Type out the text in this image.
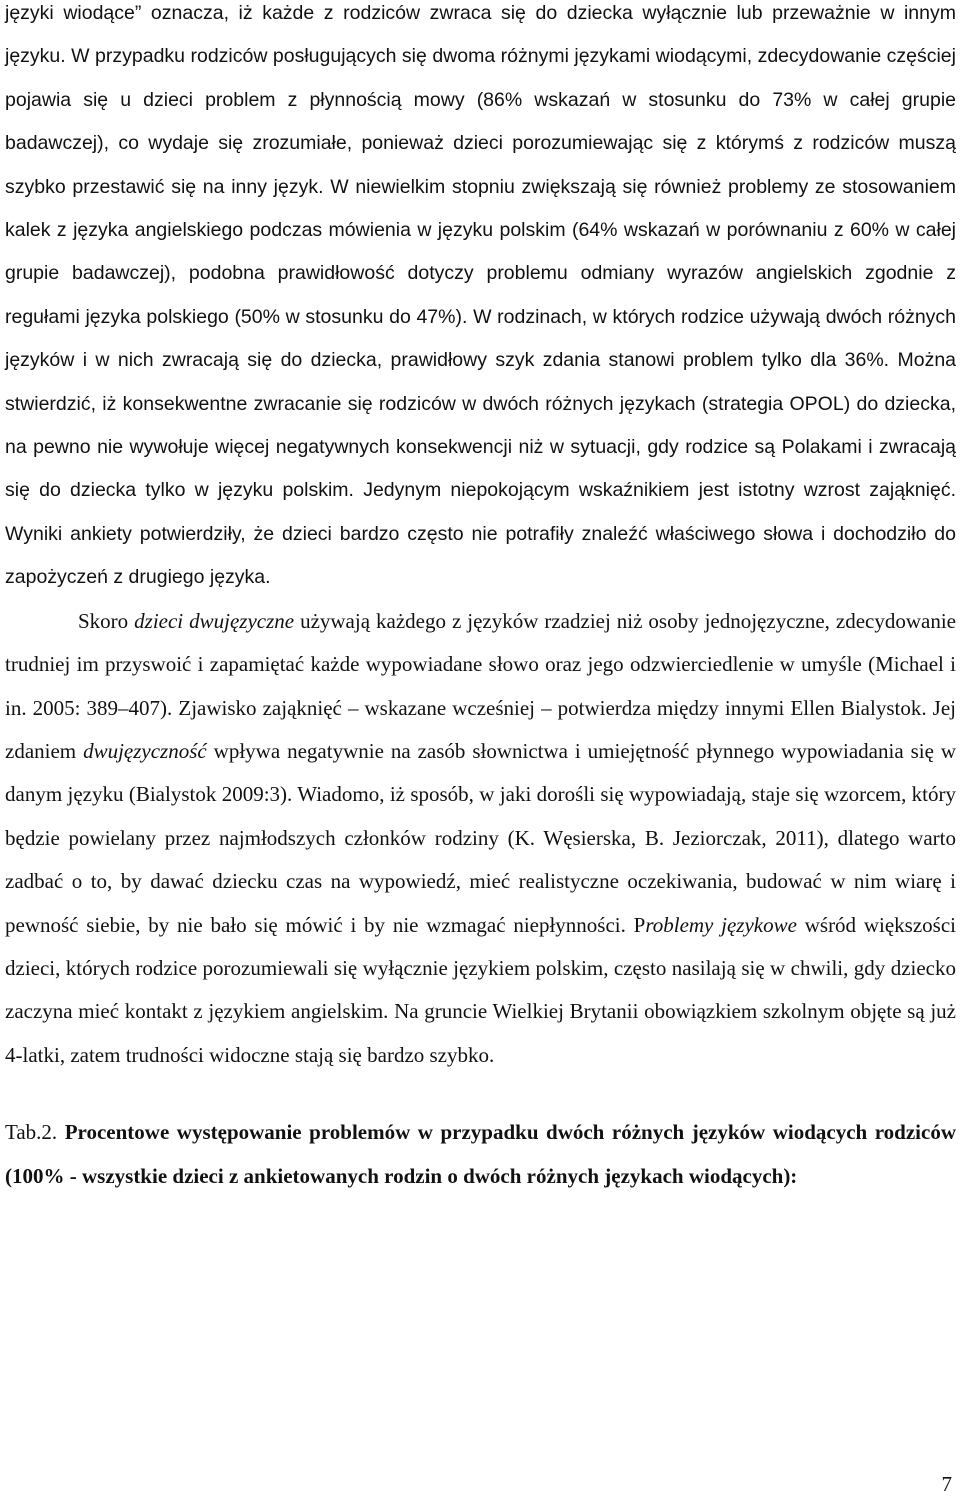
języki wiodące” oznacza, iż każde z rodziców zwraca się do dziecka wyłącznie lub przeważnie w innym języku. W przypadku rodziców posługujących się dwoma różnymi językami wiodącymi, zdecydowanie częściej pojawia się u dzieci problem z płynnością mowy (86% wskazań w stosunku do 73% w całej grupie badawczej), co wydaje się zrozumiałe, ponieważ dzieci porozumiewając się z którymś z rodziców muszą szybko przestawić się na inny język. W niewielkim stopniu zwiększają się również problemy ze stosowaniem kalek z języka angielskiego podczas mówienia w języku polskim (64% wskazań w porównaniu z 60% w całej grupie badawczej), podobna prawidłowość dotyczy problemu odmiany wyrazów angielskich zgodnie z regułami języka polskiego (50% w stosunku do 47%). W rodzinach, w których rodzice używają dwóch różnych języków i w nich zwracają się do dziecka, prawidłowy szyk zdania stanowi problem tylko dla 36%. Można stwierdzić, iż konsekwentne zwracanie się rodziców w dwóch różnych językach (strategia OPOL) do dziecka, na pewno nie wywołuje więcej negatywnych konsekwencji niż w sytuacji, gdy rodzice są Polakami i zwracają się do dziecka tylko w języku polskim. Jedynym niepokojącym wskaźnikiem jest istotny wzrost zająknięć. Wyniki ankiety potwierdziły, że dzieci bardzo często nie potrafiły znaleźć właściwego słowa i dochodziło do zapożyczeń z drugiego języka.

Skoro dzieci dwujęzyczne używają każdego z języków rzadziej niż osoby jednojęzyczne, zdecydowanie trudniej im przyswoić i zapamiętać każde wypowiadane słowo oraz jego odzwierciedlenie w umyśle (Michael i in. 2005: 389–407). Zjawisko zająknięć – wskazane wcześniej – potwierdza między innymi Ellen Bialystok. Jej zdaniem dwujęzyczność wpływa negatywnie na zasób słownictwa i umiejętność płynnego wypowiadania się w danym języku (Bialystok 2009:3). Wiadomo, iż sposób, w jaki dorośli się wypowiadają, staje się wzorcem, który będzie powielany przez najmłodszych członków rodziny (K. Węsierska, B. Jeziorczak, 2011), dlatego warto zadbać o to, by dawać dziecku czas na wypowiedź, mieć realistyczne oczekiwania, budować w nim wiarę i pewność siebie, by nie bało się mówić i by nie wzmagać niepłynności. Problemy językowe wśród większości dzieci, których rodzice porozumiewali się wyłącznie językiem polskim, często nasilają się w chwili, gdy dziecko zaczyna mieć kontakt z językiem angielskim. Na gruncie Wielkiej Brytanii obowiązkiem szkolnym objęte są już 4-latki, zatem trudności widoczne stają się bardzo szybko.

Tab.2. Procentowe występowanie problemów w przypadku dwóch różnych języków wiodących rodziców (100% - wszystkie dzieci z ankietowanych rodzin o dwóch różnych językach wiodących):

7
